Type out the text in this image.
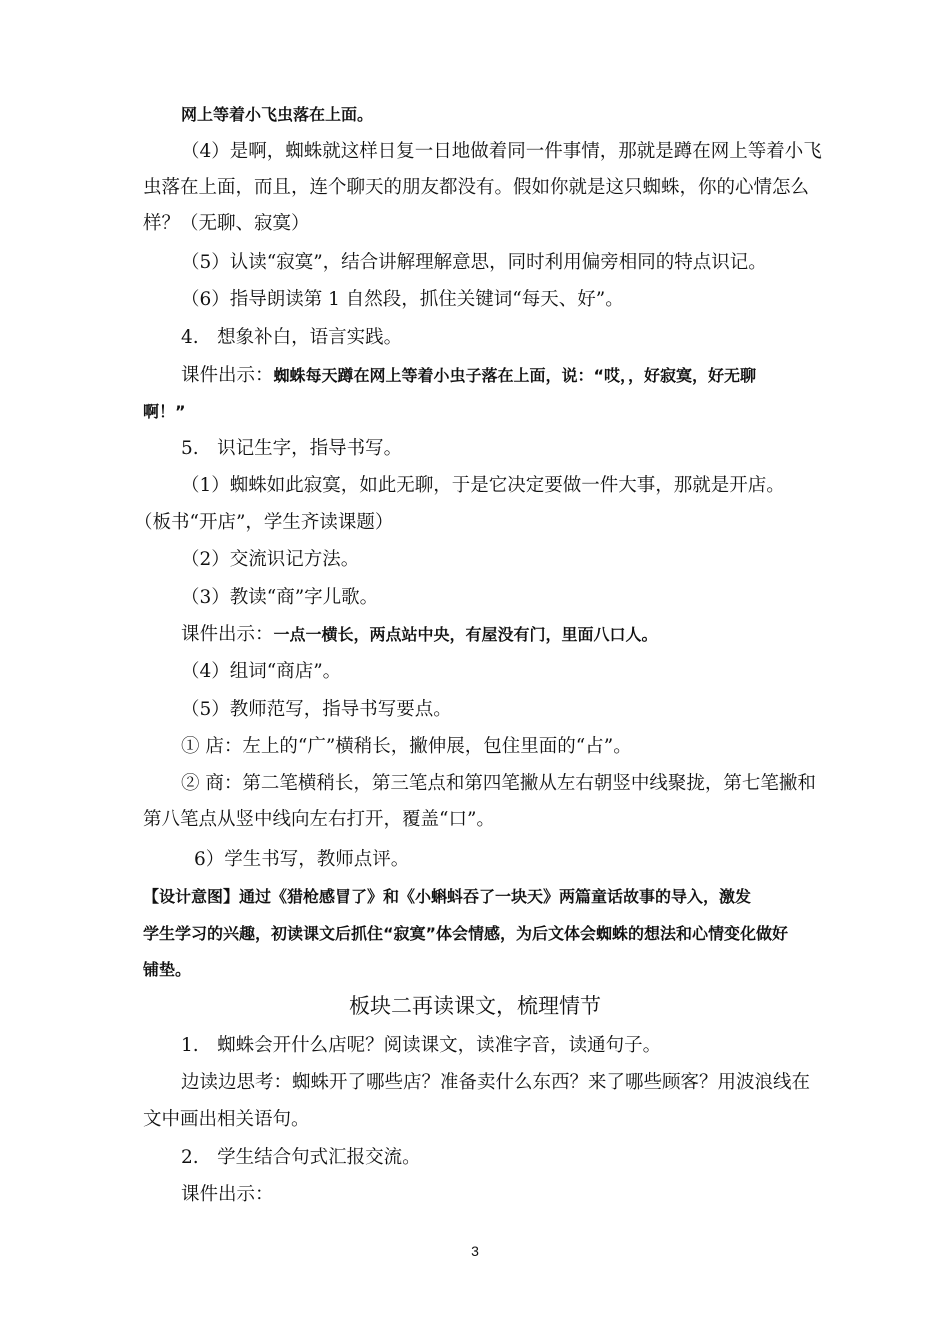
网上等着小飞虫落在上面。
（4）是啊，蜘蛛就这样日复一日地做着同一件事情，那就是蹲在网上等着小飞
虫落在上面，而且，连个聊天的朋友都没有。假如你就是这只蜘蛛，你的心情怎么
样？（无聊、寂寞）
（5）认读“寂寞”，结合讲解理解意思，同时利用偏旁相同的特点识记。
（6）指导朗读第 1 自然段，抓住关键词“每天、好”。
4.　想象补白，语言实践。
课件出示：蜘蛛每天蹲在网上等着小虫子落在上面，说：“哎，，好寂寞，好无聊
啊！”
5.　识记生字，指导书写。
（1）蜘蛛如此寂寞，如此无聊，于是它决定要做一件大事，那就是开店。
（板书“开店”，学生齐读课题）
（2）交流识记方法。
（3）教读“商”字儿歌。
课件出示：一点一横长，两点站中央，有屋没有门，里面八口人。
（4）组词“商店”。
（5）教师范写，指导书写要点。
① 店：左上的“广”横稍长，撇伸展，包住里面的“占”。
② 商：第二笔横稍长，第三笔点和第四笔撇从左右朝竖中线聚拢，第七笔撇和
第八笔点从竖中线向左右打开，覆盖“口”。
6）学生书写，教师点评。
【设计意图】通过《猎枪感冒了》和《小蝌蚪吞了一块天》两篇童话故事的导入，激发
学生学习的兴趣，初读课文后抓住“寂寞”体会情感，为后文体会蜘蛛的想法和心情变化做好
铺垫。
板块二再读课文，梳理情节
1.　蜘蛛会开什么店呢？阅读课文，读准字音，读通句子。
边读边思考：蜘蛛开了哪些店？准备卖什么东西？来了哪些顾客？用波浪线在
文中画出相关语句。
2.　学生结合句式汇报交流。
课件出示：
3
